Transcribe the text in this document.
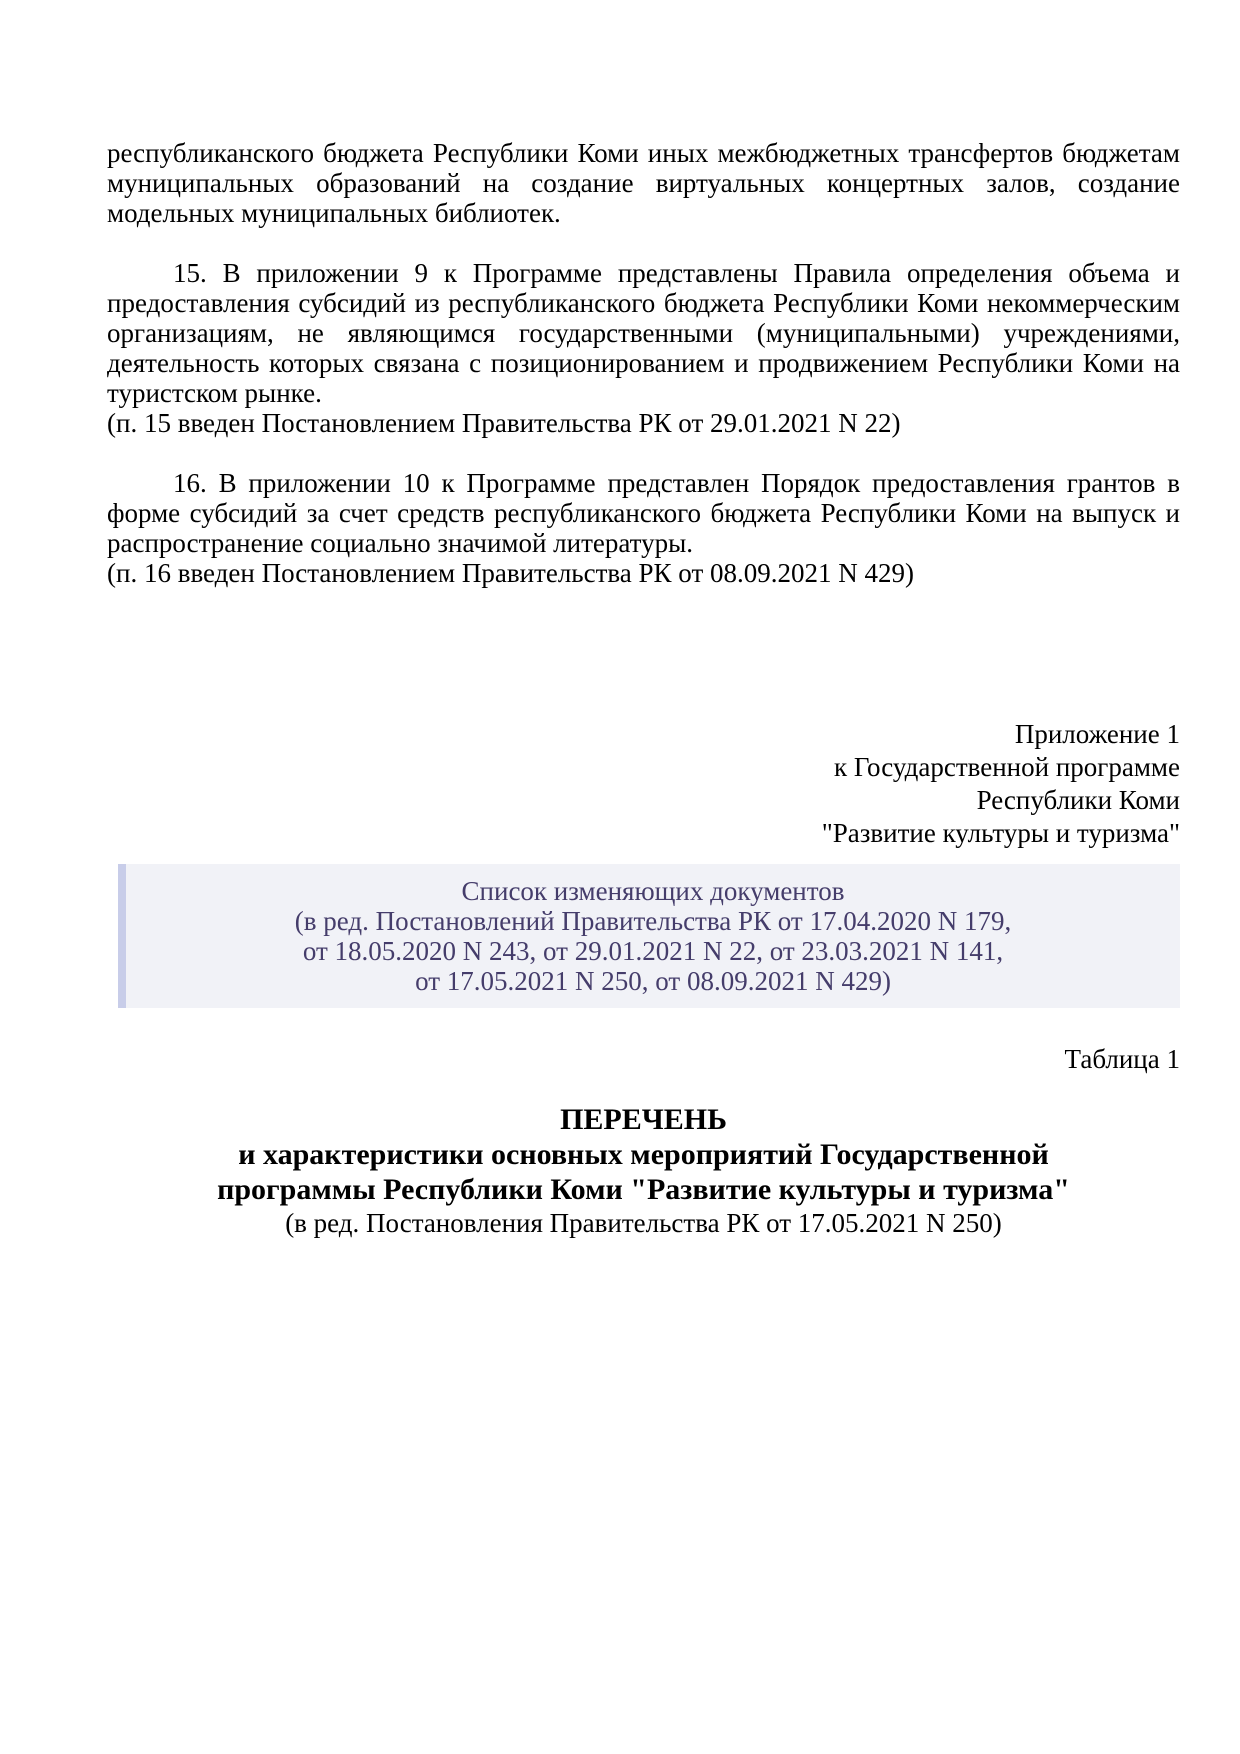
республиканского бюджета Республики Коми иных межбюджетных трансфертов бюджетам муниципальных образований на создание виртуальных концертных залов, создание модельных муниципальных библиотек.

15. В приложении 9 к Программе представлены Правила определения объема и предоставления субсидий из республиканского бюджета Республики Коми некоммерческим организациям, не являющимся государственными (муниципальными) учреждениями, деятельность которых связана с позиционированием и продвижением Республики Коми на туристском рынке.

(п. 15 введен Постановлением Правительства РК от 29.01.2021 N 22)

16. В приложении 10 к Программе представлен Порядок предоставления грантов в форме субсидий за счет средств республиканского бюджета Республики Коми на выпуск и распространение социально значимой литературы.

(п. 16 введен Постановлением Правительства РК от 08.09.2021 N 429)

Приложение 1
к Государственной программе
Республики Коми
"Развитие культуры и туризма"
Список изменяющих документов
(в ред. Постановлений Правительства РК от 17.04.2020 N 179,
от 18.05.2020 N 243, от 29.01.2021 N 22, от 23.03.2021 N 141,
от 17.05.2021 N 250, от 08.09.2021 N 429)
Таблица 1
ПЕРЕЧЕНЬ
и характеристики основных мероприятий Государственной
программы Республики Коми "Развитие культуры и туризма"
(в ред. Постановления Правительства РК от 17.05.2021 N 250)
